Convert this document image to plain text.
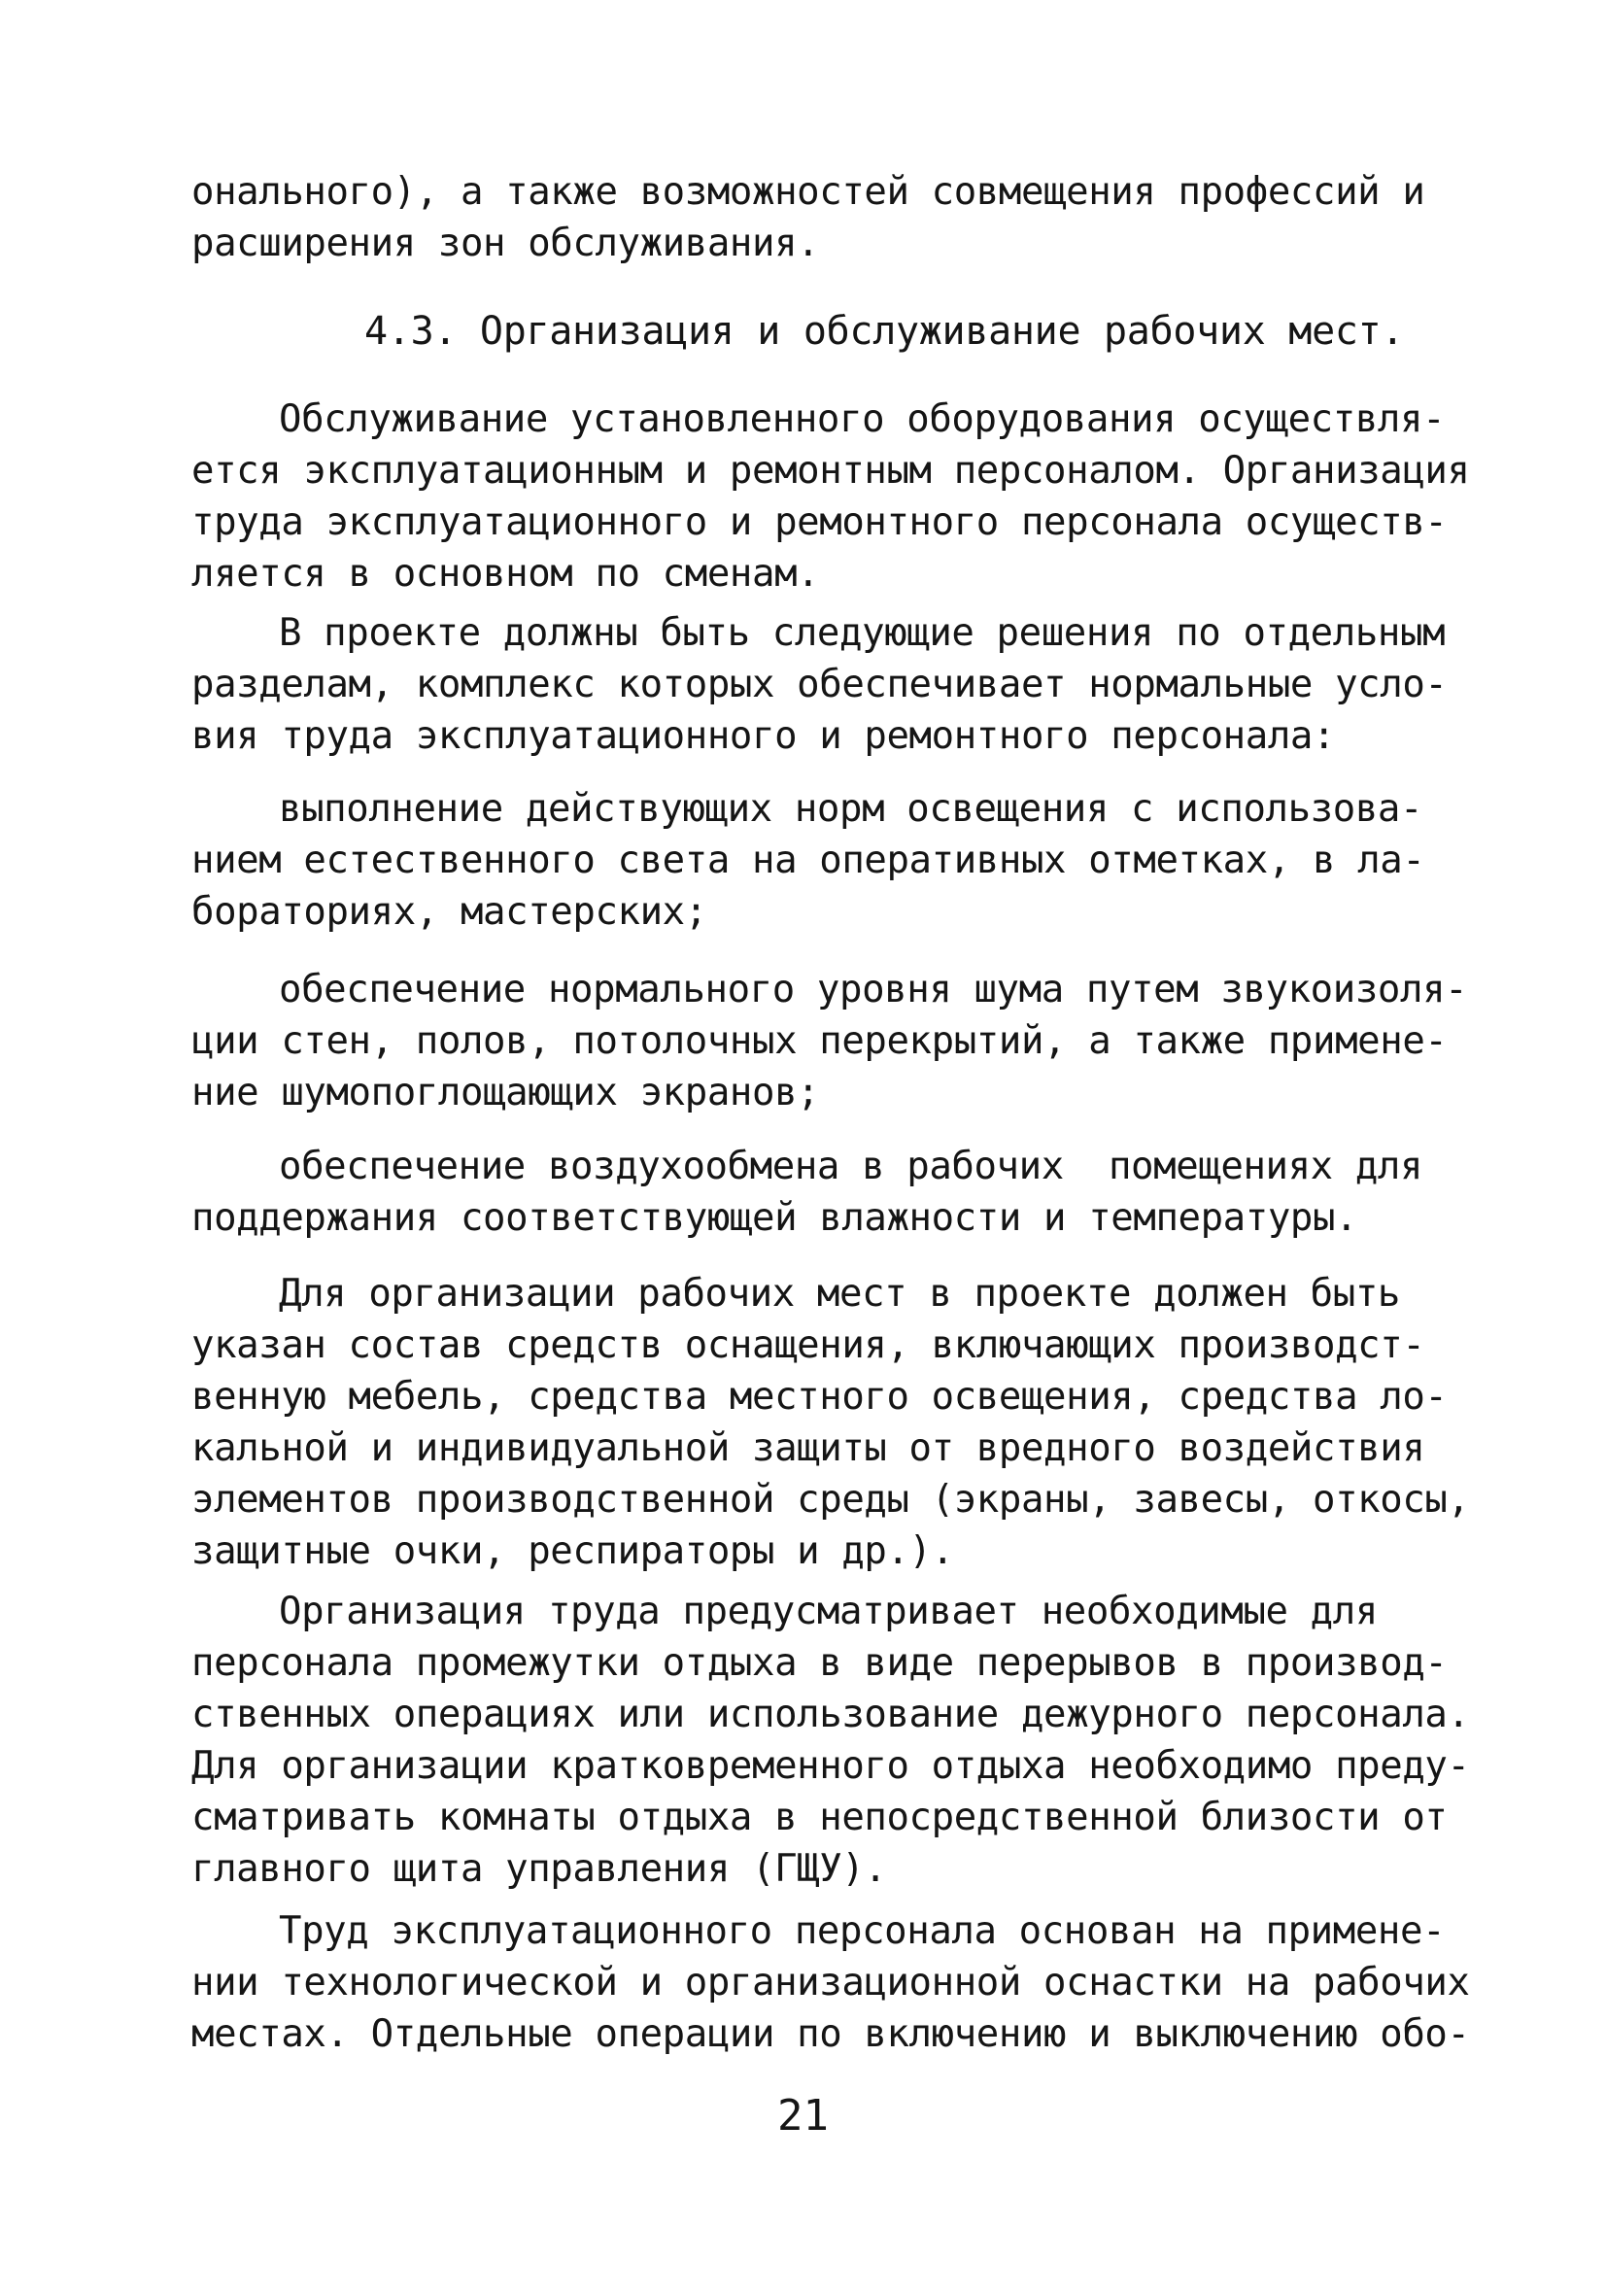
онального), а также возможностей совмещения профессий и
расширения зон обслуживания.
4.3. Организация и обслуживание рабочих мест.
Обслуживание установленного оборудования осуществля-
ется эксплуатационным и ремонтным персоналом. Организация
труда эксплуатационного и ремонтного персонала осуществ-
ляется в основном по сменам.
В проекте должны быть следующие решения по отдельным
разделам, комплекс которых обеспечивает нормальные усло-
вия труда эксплуатационного и ремонтного персонала:
выполнение действующих норм освещения с использова-
нием естественного света на оперативных отметках, в ла-
бораториях, мастерских;
обеспечение нормального уровня шума путем звукоизоля-
ции стен, полов, потолочных перекрытий, а также примене-
ние шумопоглощающих экранов;
обеспечение воздухообмена в рабочих  помещениях для
поддержания соответствующей влажности и температуры.
Для организации рабочих мест в проекте должен быть
указан состав средств оснащения, включающих производст-
венную мебель, средства местного освещения, средства ло-
кальной и индивидуальной защиты от вредного воздействия
элементов производственной среды (экраны, завесы, откосы,
защитные очки, респираторы и др.).
Организация труда предусматривает необходимые для
персонала промежутки отдыха в виде перерывов в производ-
ственных операциях или использование дежурного персонала.
Для организации кратковременного отдыха необходимо преду-
сматривать комнаты отдыха в непосредственной близости от
главного щита управления (ГЩУ).
Труд эксплуатационного персонала основан на примене-
нии технологической и организационной оснастки на рабочих
местах. Отдельные операции по включению и выключению обо-
21
